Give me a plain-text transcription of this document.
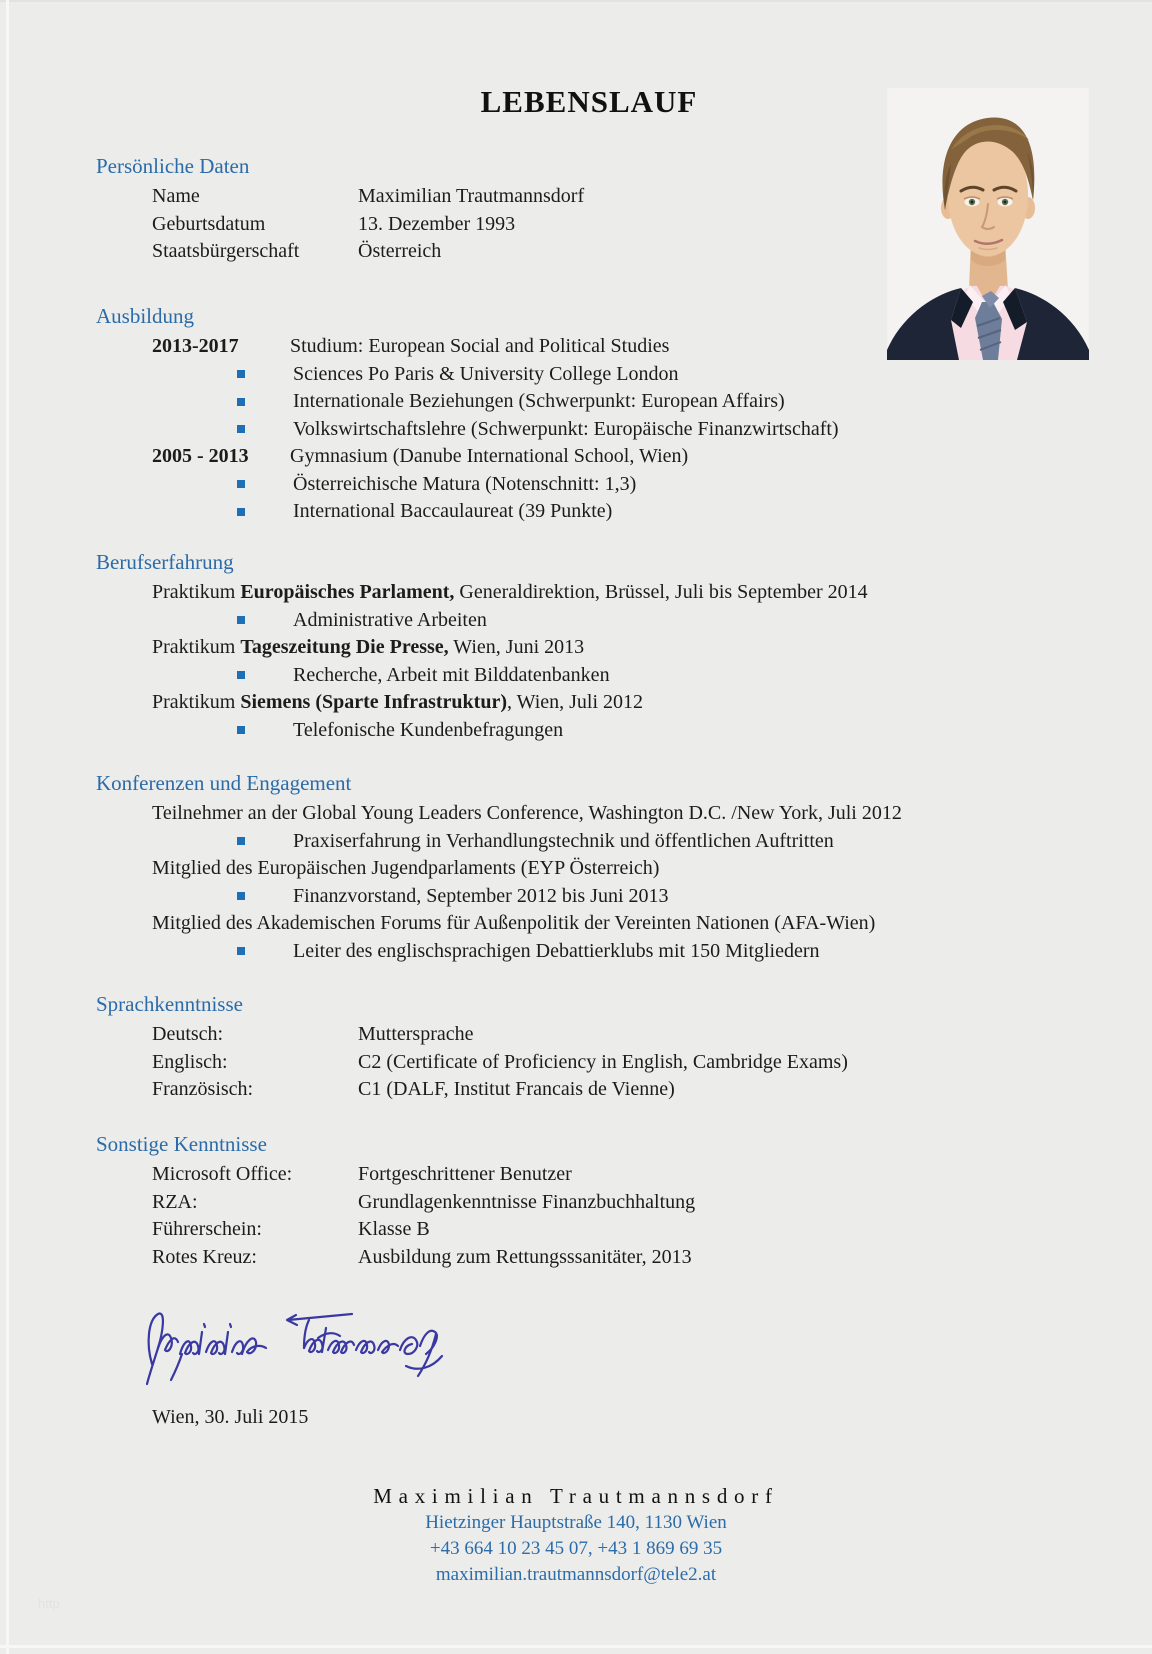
LEBENSLAUF
Persönliche Daten
Name	Maximilian Trautmannsdorf
Geburtsdatum	13. Dezember 1993
Staatsbürgerschaft	Österreich
Ausbildung
2013-2017	Studium: European Social and Political Studies
Sciences Po Paris & University College London
Internationale Beziehungen (Schwerpunkt: European Affairs)
Volkswirtschaftslehre (Schwerpunkt: Europäische Finanzwirtschaft)
2005 - 2013	Gymnasium (Danube International School, Wien)
Österreichische Matura (Notenschnitt: 1,3)
International Baccaulaureat (39 Punkte)
Berufserfahrung
Praktikum Europäisches Parlament, Generaldirektion, Brüssel, Juli bis September 2014
Administrative Arbeiten
Praktikum Tageszeitung Die Presse, Wien, Juni 2013
Recherche, Arbeit mit Bilddatenbanken
Praktikum Siemens (Sparte Infrastruktur), Wien, Juli 2012
Telefonische Kundenbefragungen
Konferenzen und Engagement
Teilnehmer an der Global Young Leaders Conference, Washington D.C. /New York, Juli 2012
Praxiserfahrung in Verhandlungstechnik und öffentlichen Auftritten
Mitglied des Europäischen Jugendparlaments (EYP Österreich)
Finanzvorstand, September 2012 bis Juni 2013
Mitglied des Akademischen Forums für Außenpolitik der Vereinten Nationen (AFA-Wien)
Leiter des englischsprachigen Debattierklubs mit 150 Mitgliedern
Sprachkenntnisse
Deutsch:	Muttersprache
Englisch:	C2 (Certificate of Proficiency in English, Cambridge Exams)
Französisch:	C1 (DALF, Institut Francais de Vienne)
Sonstige Kenntnisse
Microsoft Office:	Fortgeschrittener Benutzer
RZA:	Grundlagenkenntnisse Finanzbuchhaltung
Führerschein:	Klasse B
Rotes Kreuz:	Ausbildung zum Rettungsssanitäter, 2013
Wien, 30. Juli 2015
Maximilian Trautmannsdorf
Hietzinger Hauptstraße 140, 1130 Wien
+43 664 10 23 45 07, +43 1 869 69 35
maximilian.trautmannsdorf@tele2.at
http
